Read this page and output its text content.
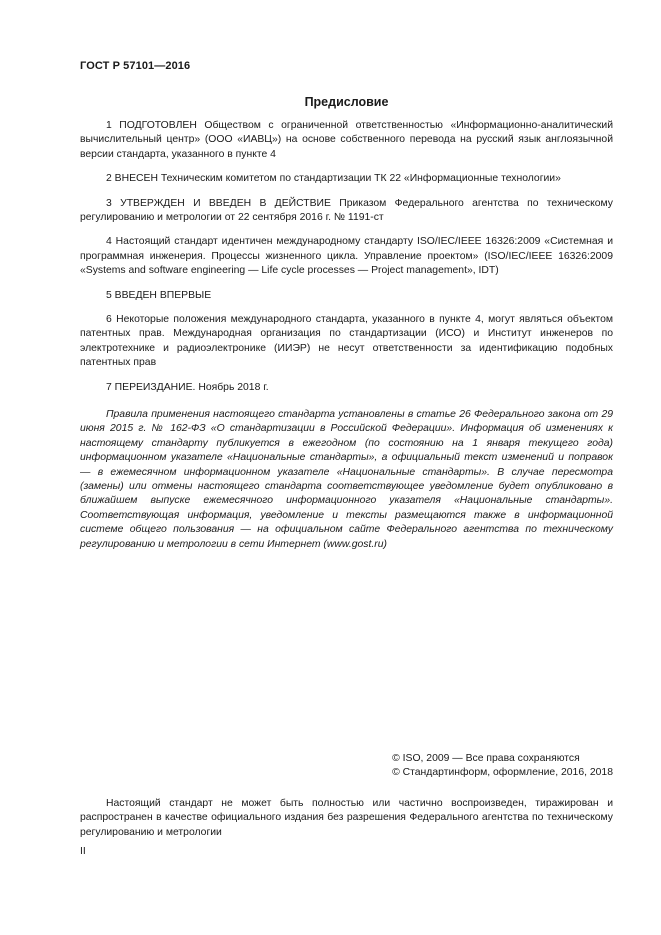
ГОСТ Р 57101—2016
Предисловие

1 ПОДГОТОВЛЕН Обществом с ограниченной ответственностью «Информационно-аналитический вычислительный центр» (ООО «ИАВЦ») на основе собственного перевода на русский язык англоязычной версии стандарта, указанного в пункте 4

2 ВНЕСЕН Техническим комитетом по стандартизации ТК 22 «Информационные технологии»

3 УТВЕРЖДЕН И ВВЕДЕН В ДЕЙСТВИЕ Приказом Федерального агентства по техническому регулированию и метрологии от 22 сентября 2016 г. № 1191-ст

4 Настоящий стандарт идентичен международному стандарту ISO/IEC/IEEE 16326:2009 «Системная и программная инженерия. Процессы жизненного цикла. Управление проектом» (ISO/IEC/IEEE 16326:2009 «Systems and software engineering — Life cycle processes — Project management», IDT)

5 ВВЕДЕН ВПЕРВЫЕ

6 Некоторые положения международного стандарта, указанного в пункте 4, могут являться объектом патентных прав. Международная организация по стандартизации (ИСО) и Институт инженеров по электротехнике и радиоэлектронике (ИИЭР) не несут ответственности за идентификацию подобных патентных прав

7 ПЕРЕИЗДАНИЕ. Ноябрь 2018 г.

Правила применения настоящего стандарта установлены в статье 26 Федерального закона от 29 июня 2015 г. № 162-ФЗ «О стандартизации в Российской Федерации». Информация об изменениях к настоящему стандарту публикуется в ежегодном (по состоянию на 1 января текущего года) информационном указателе «Национальные стандарты», а официальный текст изменений и поправок — в ежемесячном информационном указателе «Национальные стандарты». В случае пересмотра (замены) или отмены настоящего стандарта соответствующее уведомление будет опубликовано в ближайшем выпуске ежемесячного информационного указателя «Национальные стандарты». Соответствующая информация, уведомление и тексты размещаются также в информационной системе общего пользования — на официальном сайте Федерального агентства по техническому регулированию и метрологии в сети Интернет (www.gost.ru)

© ISO, 2009 — Все права сохраняются
© Стандартинформ, оформление, 2016, 2018

Настоящий стандарт не может быть полностью или частично воспроизведен, тиражирован и распространен в качестве официального издания без разрешения Федерального агентства по техническому регулированию и метрологии

II
